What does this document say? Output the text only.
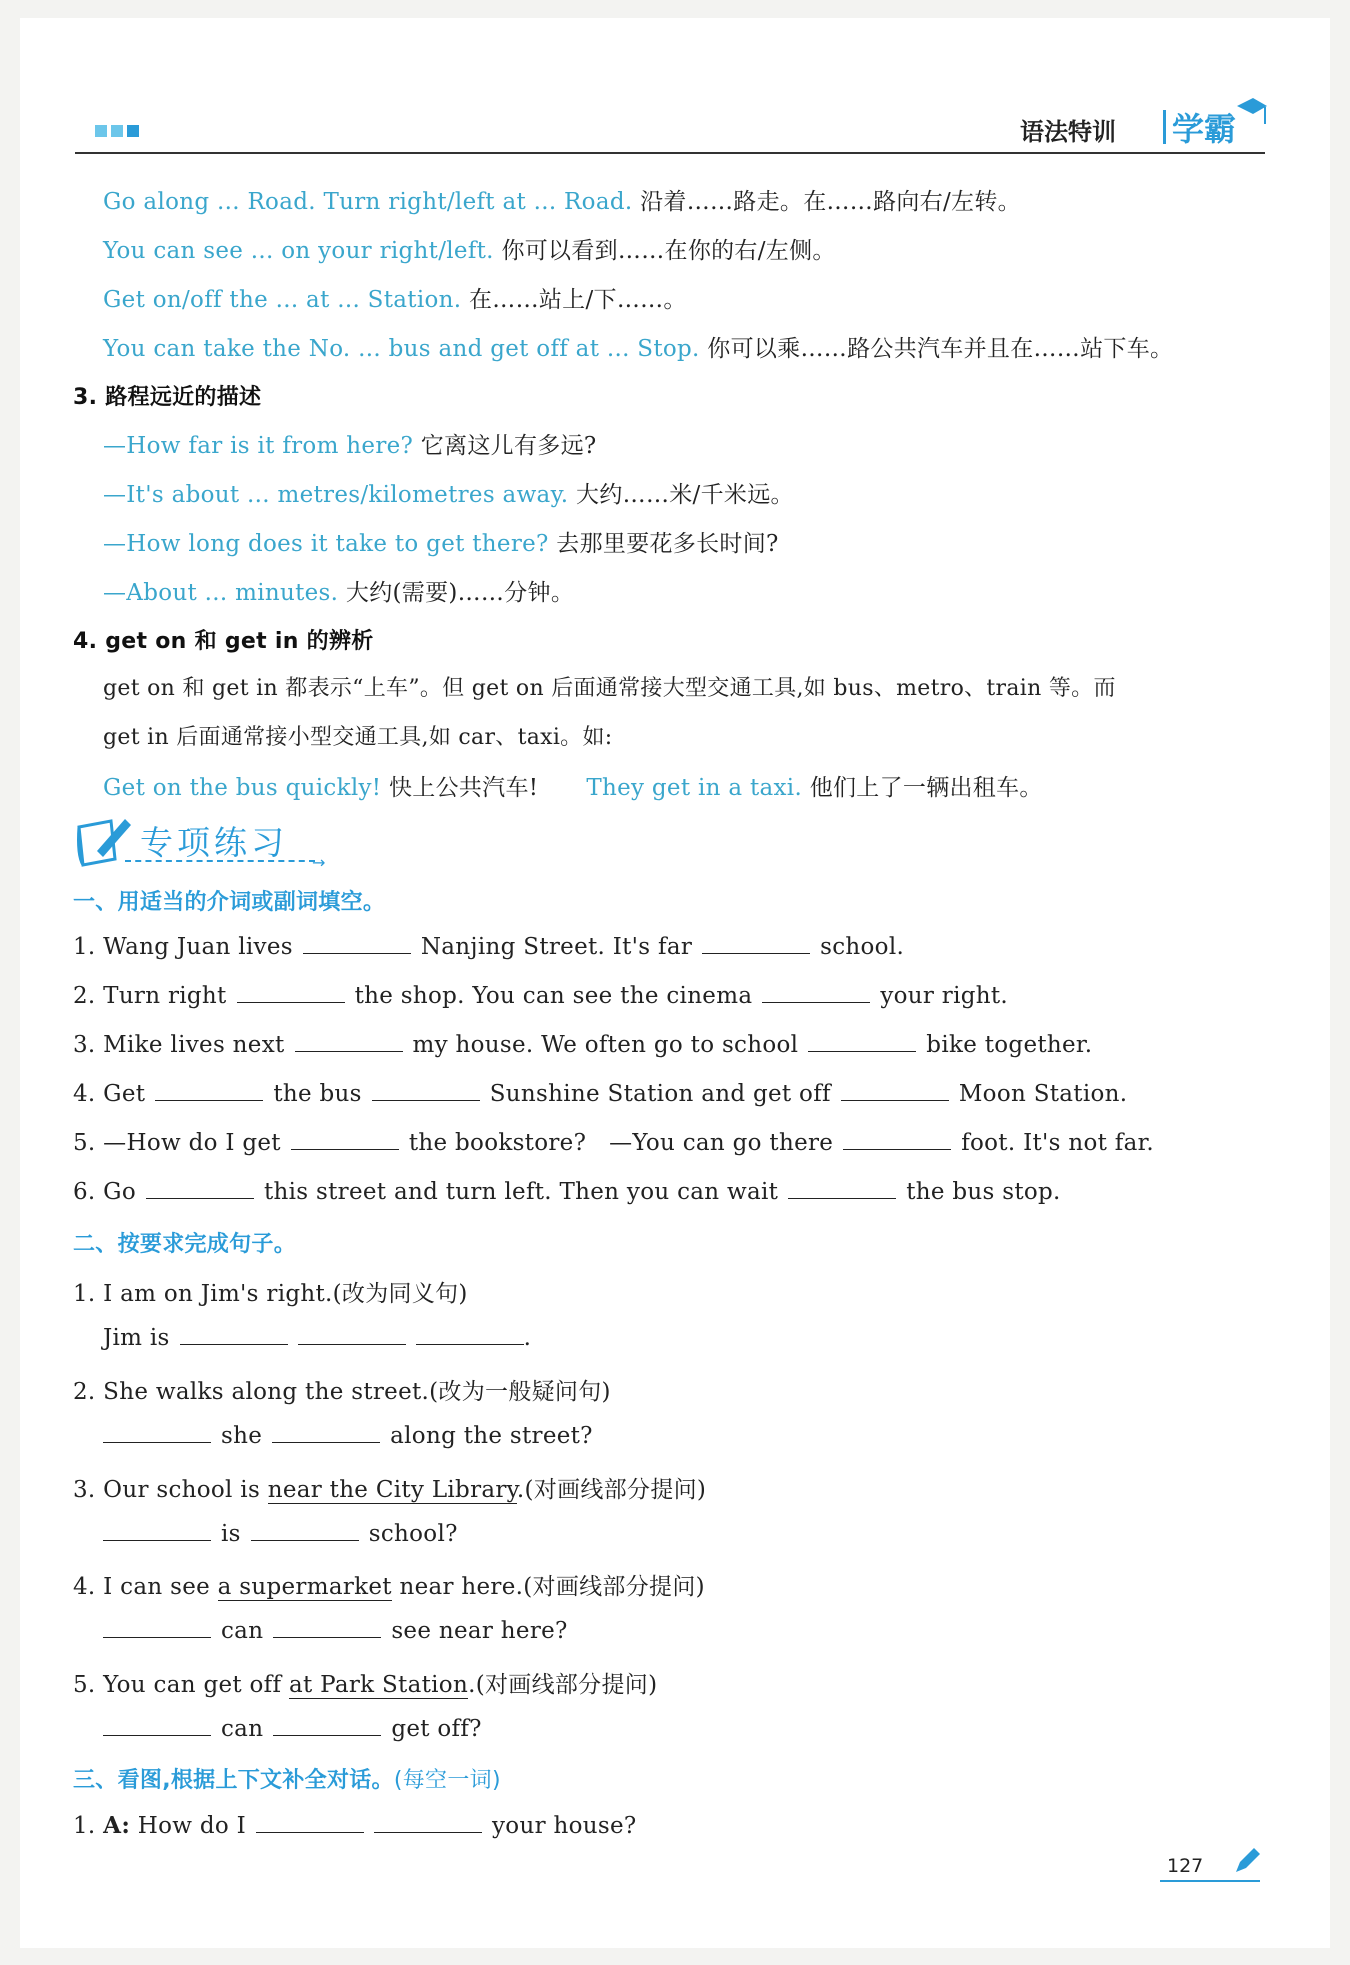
语法特训 学霸
Go along ... Road. Turn right/left at ... Road. 沿着……路走。在……路向右/左转。
You can see ... on your right/left. 你可以看到……在你的右/左侧。
Get on/off the ... at ... Station. 在……站上/下……。
You can take the No. ... bus and get off at ... Stop. 你可以乘……路公共汽车并且在……站下车。
3. 路程远近的描述
—How far is it from here? 它离这儿有多远?
—It's about ... metres/kilometres away. 大约……米/千米远。
—How long does it take to get there? 去那里要花多长时间?
—About ... minutes. 大约(需要)……分钟。
4. get on 和 get in 的辨析
get on 和 get in 都表示“上车”。但 get on 后面通常接大型交通工具,如 bus、metro、train 等。而
get in 后面通常接小型交通工具,如 car、taxi。如:
Get on the bus quickly! 快上公共汽车! They get in a taxi. 他们上了一辆出租车。
专项练习
→
一、用适当的介词或副词填空。
1. Wang Juan lives	Nanjing Street. It's far	school.
2. Turn right	the shop. You can see the cinema	your right.
3. Mike lives next	my house. We often go to school	bike together.
4. Get	the bus	Sunshine Station and get off	Moon Station.
5. —How do I get	the bookstore? —You can go there	foot. It's not far.
6. Go	this street and turn left. Then you can wait	the bus stop.
二、按要求完成句子。
1. I am on Jim's right.(改为同义句)
Jim is	.
2. She walks along the street.(改为一般疑问句)
she	along the street?
3. Our school is near the City Library.(对画线部分提问)
is	school?
4. I can see a supermarket near here.(对画线部分提问)
can	see near here?
5. You can get off at Park Station.(对画线部分提问)
can	get off?
三、看图,根据上下文补全对话。(每空一词)
1. A: How do I	your house?
127
